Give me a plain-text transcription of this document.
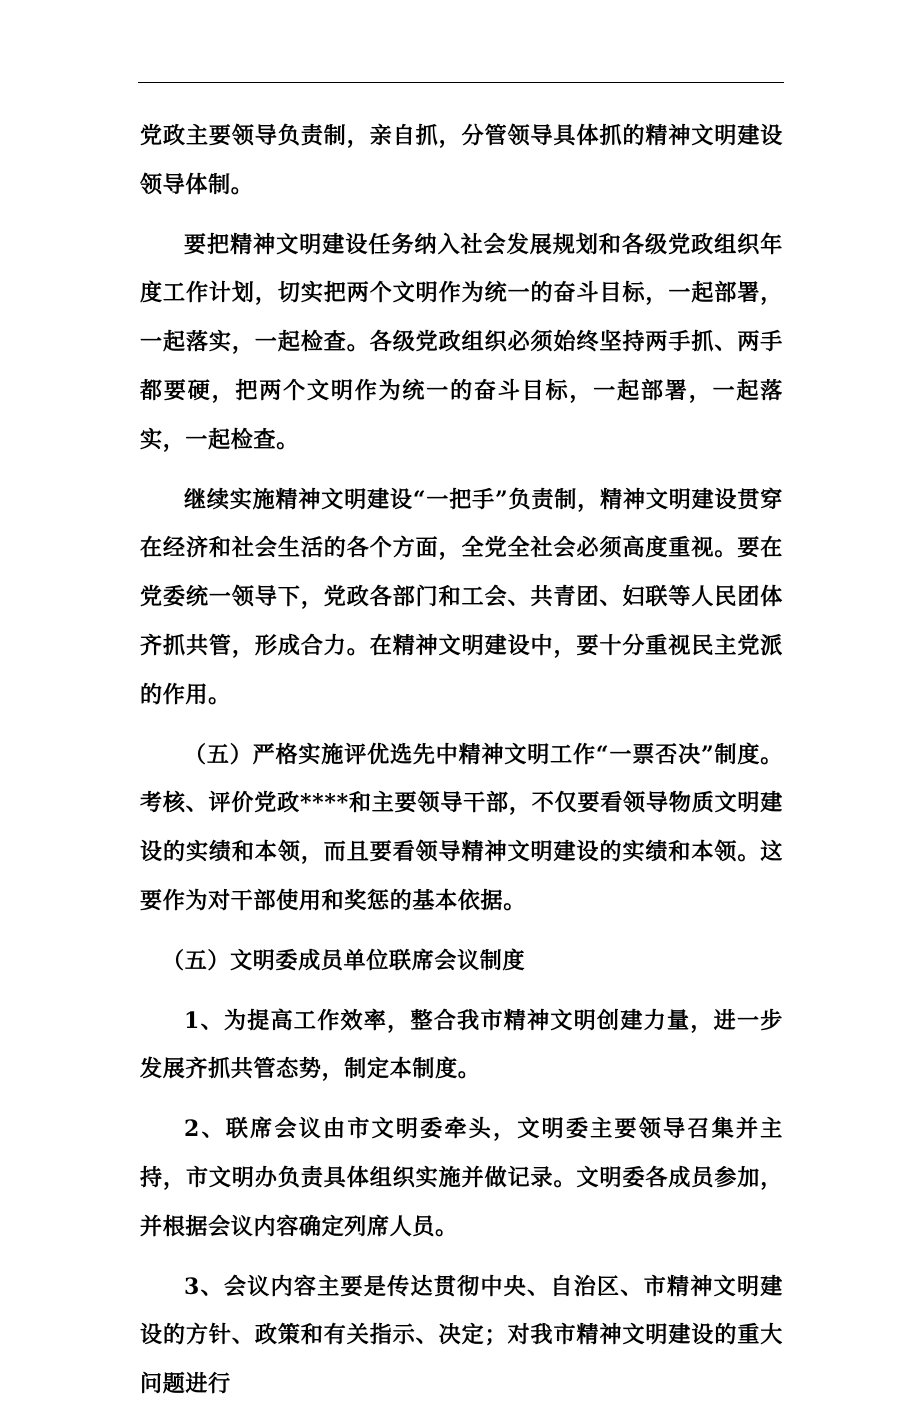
党政主要领导负责制，亲自抓，分管领导具体抓的精神文明建设领导体制。

要把精神文明建设任务纳入社会发展规划和各级党政组织年度工作计划，切实把两个文明作为统一的奋斗目标，一起部署，一起落实，一起检查。各级党政组织必须始终坚持两手抓、两手都要硬，把两个文明作为统一的奋斗目标，一起部署，一起落实，一起检查。

继续实施精神文明建设“一把手”负责制，精神文明建设贯穿在经济和社会生活的各个方面，全党全社会必须高度重视。要在党委统一领导下，党政各部门和工会、共青团、妇联等人民团体齐抓共管，形成合力。在精神文明建设中，要十分重视民主党派的作用。

（五）严格实施评优选先中精神文明工作“一票否决”制度。考核、评价党政****和主要领导干部，不仅要看领导物质文明建设的实绩和本领，而且要看领导精神文明建设的实绩和本领。这要作为对干部使用和奖惩的基本依据。

（五）文明委成员单位联席会议制度

1、为提高工作效率，整合我市精神文明创建力量，进一步发展齐抓共管态势，制定本制度。

2、联席会议由市文明委牵头，文明委主要领导召集并主持，市文明办负责具体组织实施并做记录。文明委各成员参加，并根据会议内容确定列席人员。

3、会议内容主要是传达贯彻中央、自治区、市精神文明建设的方针、政策和有关指示、决定；对我市精神文明建设的重大问题进行
